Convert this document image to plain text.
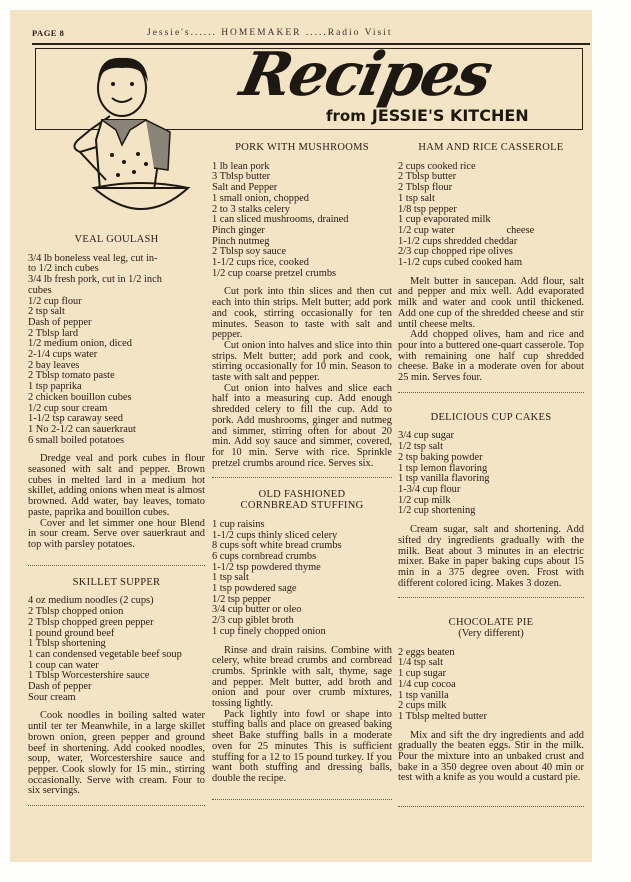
PAGE 8	Jessie's...... HOMEMAKER .....Radio Visit
Recipes
from JESSIE'S KITCHEN
VEAL GOULASH
3/4 lb boneless veal leg, cut in-
to 1/2 inch cubes
3/4 lb fresh pork, cut in 1/2 inch
cubes
1/2 cup flour
2 tsp salt
Dash of pepper
2 Tblsp lard
1/2 medium onion, diced
2-1/4 cups water
2 bay leaves
2 Tblsp tomato paste
1 tsp paprika
2 chicken bouillon cubes
1/2 cup sour cream
1-1/2 tsp caraway seed
1 No 2-1/2 can sauerkraut
6 small boiled potatoes

Dredge veal and pork cubes in flour seasoned with salt and pepper. Brown cubes in melted lard in a medium hot skillet, adding onions when meat is almost browned. Add water, bay leaves, tomato paste, paprika and bouillon cubes.

Cover and let simmer one hour Blend in sour cream. Serve over sauerkraut and top with parsley potatoes.

SKILLET SUPPER
4 oz medium noodles (2 cups)
2 Tblsp chopped onion
2 Tblsp chopped green pepper
1 pound ground beef
1 Tblsp shortening
1 can condensed vegetable beef soup
1 coup can water
1 Tblsp Worcestershire sauce
Dash of pepper
Sour cream

Cook noodles in boiling salted water until ter ter Meanwhile, in a large skillet brown onion, green pepper and ground beef in shortening. Add cooked noodles, soup, water, Worcestershire sauce and pepper. Cook slowly for 15 min., stirring occasionally. Serve with cream. Four to six servings.

PORK WITH MUSHROOMS
1 lb lean pork
3 Tblsp butter
Salt and Pepper
1 small onion, chopped
2 to 3 stalks celery
1 can sliced mushrooms, drained
Pinch ginger
Pinch nutmeg
2 Tblsp soy sauce
1-1/2 cups rice, cooked
1/2 cup coarse pretzel crumbs

Cut pork into thin slices and then cut each into thin strips. Melt butter; add pork and cook, stirring occasionally for ten minutes. Season to taste with salt and pepper.

Cut onion into halves and slice into thin strips. Melt butter; add pork and cook, stirring occasionally for 10 min. Season to taste with salt and pepper.

Cut onion into halves and slice each half into a measuring cup. Add enough shredded celery to fill the cup. Add to pork. Add mushrooms, ginger and nutmeg and simmer, stirring often for about 20 min. Add soy sauce and simmer, covered, for 10 min. Serve with rice. Sprinkle pretzel crumbs around rice. Serves six.

OLD FASHIONED
CORNBREAD STUFFING
1 cup raisins
1-1/2 cups thinly sliced celery
8 cups soft white bread crumbs
6 cups cornbread crumbs
1-1/2 tsp powdered thyme
1 tsp salt
1 tsp powdered sage
1/2 tsp pepper
3/4 cup butter or oleo
2/3 cup giblet broth
1 cup finely chopped onion

Rinse and drain raisins. Combine with celery, white bread crumbs and cornbread crumbs. Sprinkle with salt, thyme, sage and pepper. Melt butter, add broth and onion and pour over crumb mixtures, tossing lightly.

Pack lightly into fowl or shape into stuffing balls and place on greased baking sheet Bake stuffing balls in a moderate oven for 25 minutes This is sufficient stuffing for a 12 to 15 pound turkey. If you want both stuffing and dressing balls, double the recipe.

HAM AND RICE CASSEROLE
2 cups cooked rice
2 Tblsp butter
2 Tblsp flour
1 tsp salt
1/8 tsp pepper
1 cup evaporated milk
1/2 cup water                    cheese
1-1/2 cups shredded cheddar
2/3 cup chopped ripe olives
1-1/2 cups cubed cooked ham

Melt butter in saucepan. Add flour, salt and pepper and mix well. Add evaporated milk and water and cook until thickened. Add one cup of the shredded cheese and stir until cheese melts.

Add chopped olives, ham and rice and pour into a buttered one-quart casserole. Top with remaining one half cup shredded cheese. Bake in a moderate oven for about 25 min. Serves four.

DELICIOUS CUP CAKES
3/4 cup sugar
1/2 tsp salt
2 tsp baking powder
1 tsp lemon flavoring
1 tsp vanilla flavoring
1-3/4 cup flour
1/2 cup milk
1/2 cup shortening

Cream sugar, salt and shortening. Add sifted dry ingredients gradually with the milk. Beat about 3 minutes in an electric mixer. Bake in paper baking cups about 15 min in a 375 degree oven. Frost with different colored icing. Makes 3 dozen.

CHOCOLATE PIE
(Very different)
2 eggs beaten
1/4 tsp salt
1 cup sugar
1/4 cup cocoa
1 tsp vanilla
2 cups milk
1 Tblsp melted butter

Mix and sift the dry ingredients and add gradually the beaten eggs. Stir in the milk. Pour the mixture into an unbaked crust and bake in a 350 degree oven about 40 min or test with a knife as you would a custard pie. mycomicshop
